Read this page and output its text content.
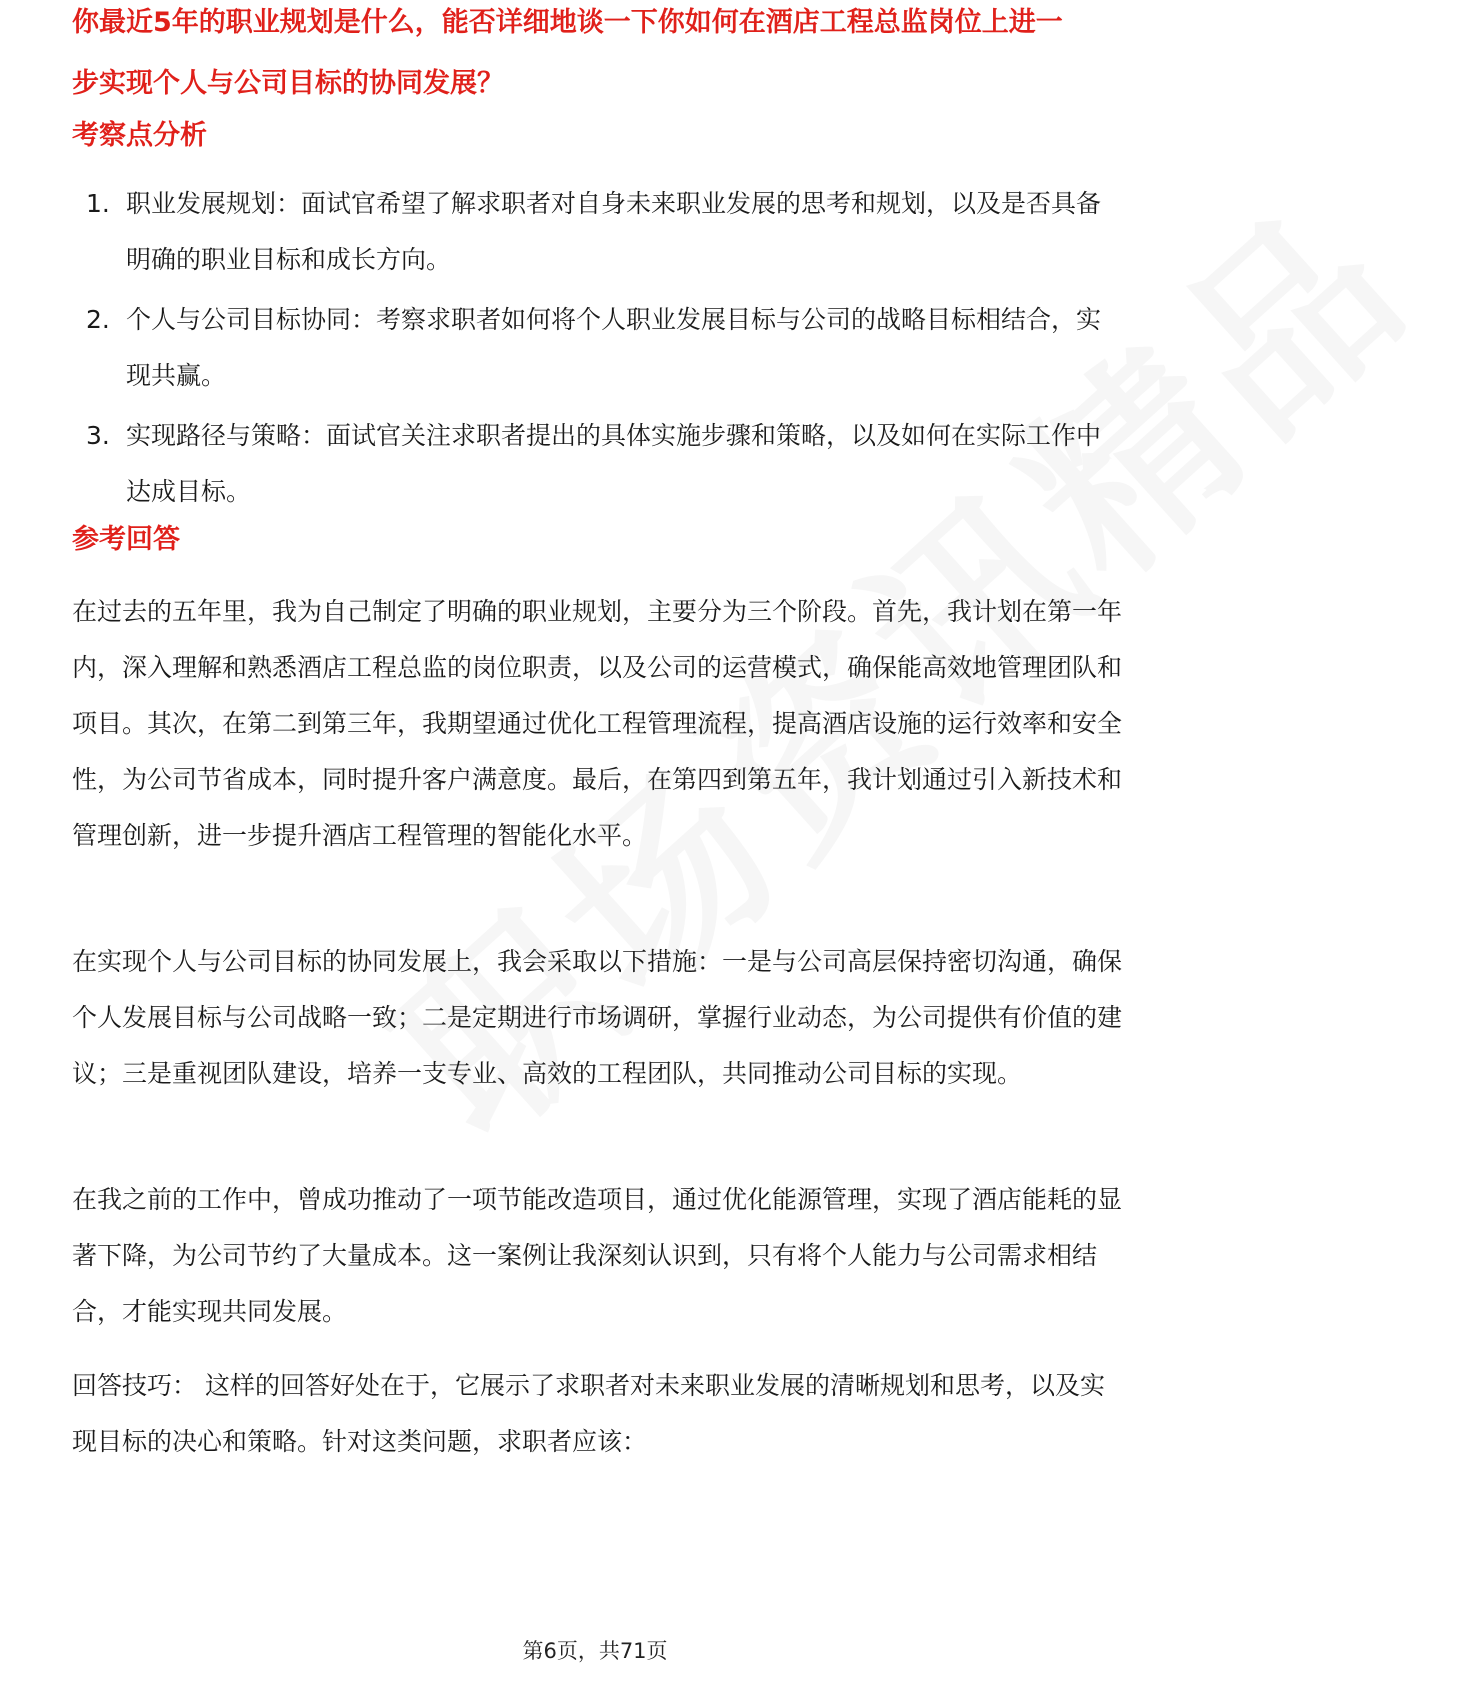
你最近5年的职业规划是什么，能否详细地谈一下你如何在酒店工程总监岗位上进一
步实现个人与公司目标的协同发展？
考察点分析
1. 职业发展规划：面试官希望了解求职者对自身未来职业发展的思考和规划，以及是否具备明确的职业目标和成长方向。
2. 个人与公司目标协同：考察求职者如何将个人职业发展目标与公司的战略目标相结合，实现共赢。
3. 实现路径与策略：面试官关注求职者提出的具体实施步骤和策略，以及如何在实际工作中达成目标。
参考回答

在过去的五年里，我为自己制定了明确的职业规划，主要分为三个阶段。首先，我计划在第一年内，深入理解和熟悉酒店工程总监的岗位职责，以及公司的运营模式，确保能高效地管理团队和项目。其次，在第二到第三年，我期望通过优化工程管理流程，提高酒店设施的运行效率和安全性，为公司节省成本，同时提升客户满意度。最后，在第四到第五年，我计划通过引入新技术和管理创新，进一步提升酒店工程管理的智能化水平。

在实现个人与公司目标的协同发展上，我会采取以下措施：一是与公司高层保持密切沟通，确保个人发展目标与公司战略一致；二是定期进行市场调研，掌握行业动态，为公司提供有价值的建议；三是重视团队建设，培养一支专业、高效的工程团队，共同推动公司目标的实现。

在我之前的工作中，曾成功推动了一项节能改造项目，通过优化能源管理，实现了酒店能耗的显著下降，为公司节约了大量成本。这一案例让我深刻认识到，只有将个人能力与公司需求相结合，才能实现共同发展。

回答技巧： 这样的回答好处在于，它展示了求职者对未来职业发展的清晰规划和思考，以及实现目标的决心和策略。针对这类问题，求职者应该：

第6页，共71页
